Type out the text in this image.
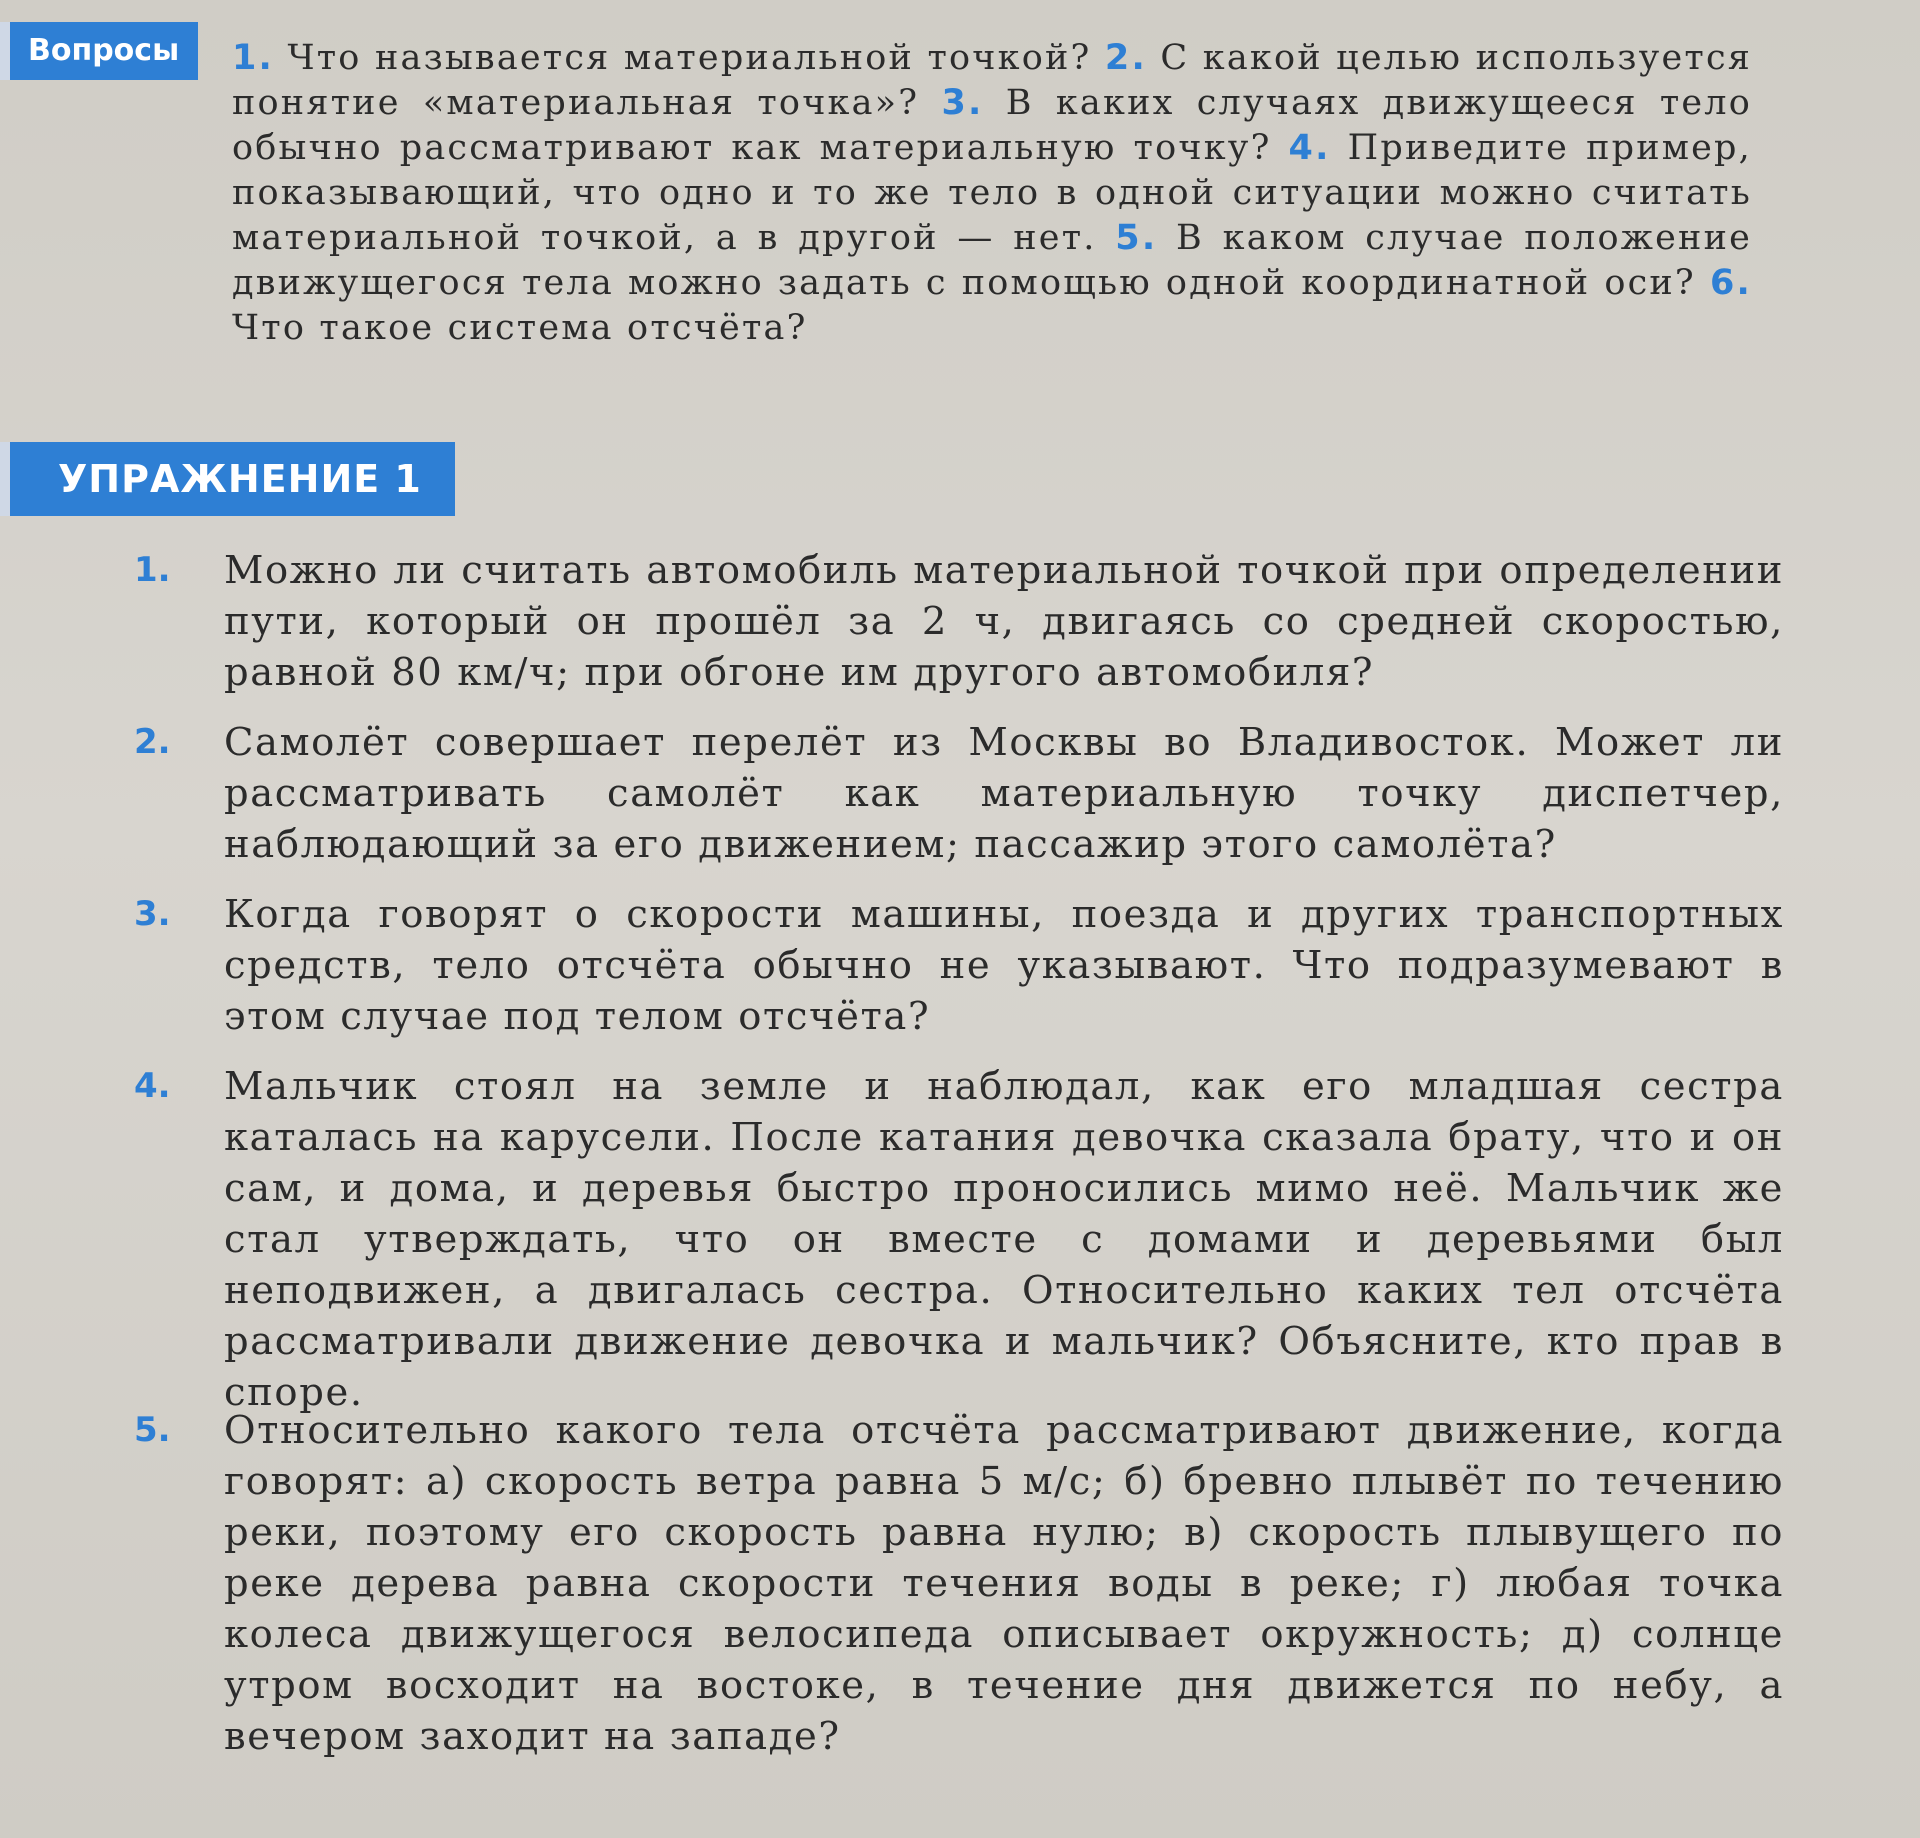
Вопросы	1. Что называется материальной точкой? 2. С какой целью используется понятие «материальная точка»? 3. В каких случаях движущееся тело обычно рассматривают как материальную точку? 4. Приведите пример, показывающий, что одно и то же тело в одной ситуации можно считать материальной точкой, а в другой — нет. 5. В каком случае положение движущегося тела можно задать с помощью одной координатной оси? 6. Что такое система отсчёта?
УПРАЖНЕНИЕ 1
1. Можно ли считать автомобиль материальной точкой при определении пути, который он прошёл за 2 ч, двигаясь со средней скоростью, равной 80 км/ч; при обгоне им другого автомобиля?
2. Самолёт совершает перелёт из Москвы во Владивосток. Может ли рассматривать самолёт как материальную точку диспетчер, наблюдающий за его движением; пассажир этого самолёта?
3. Когда говорят о скорости машины, поезда и других транспортных средств, тело отсчёта обычно не указывают. Что подразумевают в этом случае под телом отсчёта?
4. Мальчик стоял на земле и наблюдал, как его младшая сестра каталась на карусели. После катания девочка сказала брату, что и он сам, и дома, и деревья быстро проносились мимо неё. Мальчик же стал утверждать, что он вместе с домами и деревьями был неподвижен, а двигалась сестра. Относительно каких тел отсчёта рассматривали движение девочка и мальчик? Объясните, кто прав в споре.
5. Относительно какого тела отсчёта рассматривают движение, когда говорят: а) скорость ветра равна 5 м/с; б) бревно плывёт по течению реки, поэтому его скорость равна нулю; в) скорость плывущего по реке дерева равна скорости течения воды в реке; г) любая точка колеса движущегося велосипеда описывает окружность; д) солнце утром восходит на востоке, в течение дня движется по небу, а вечером заходит на западе?
